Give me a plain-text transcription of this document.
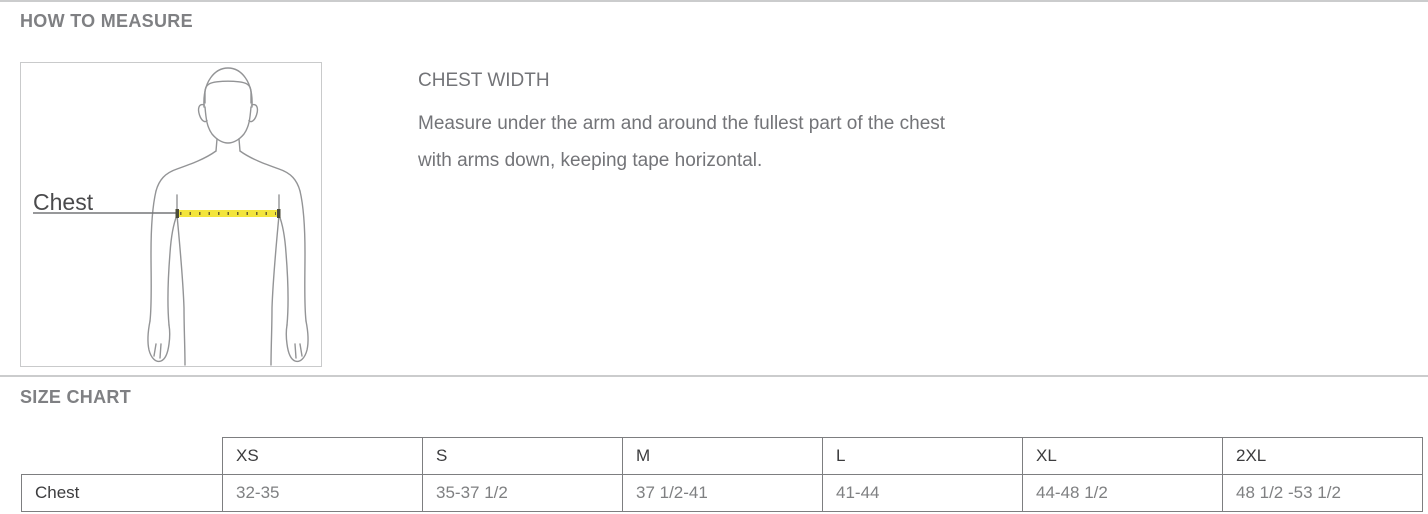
HOW TO MEASURE
Chest
CHEST WIDTH

Measure under the arm and around the fullest part of the chest

with arms down, keeping tape horizontal.

SIZE CHART
	XS	S	M	L	XL	2XL
Chest	32-35	35-37 1/2	37 1/2-41	41-44	44-48 1/2	48 1/2 -53 1/2
